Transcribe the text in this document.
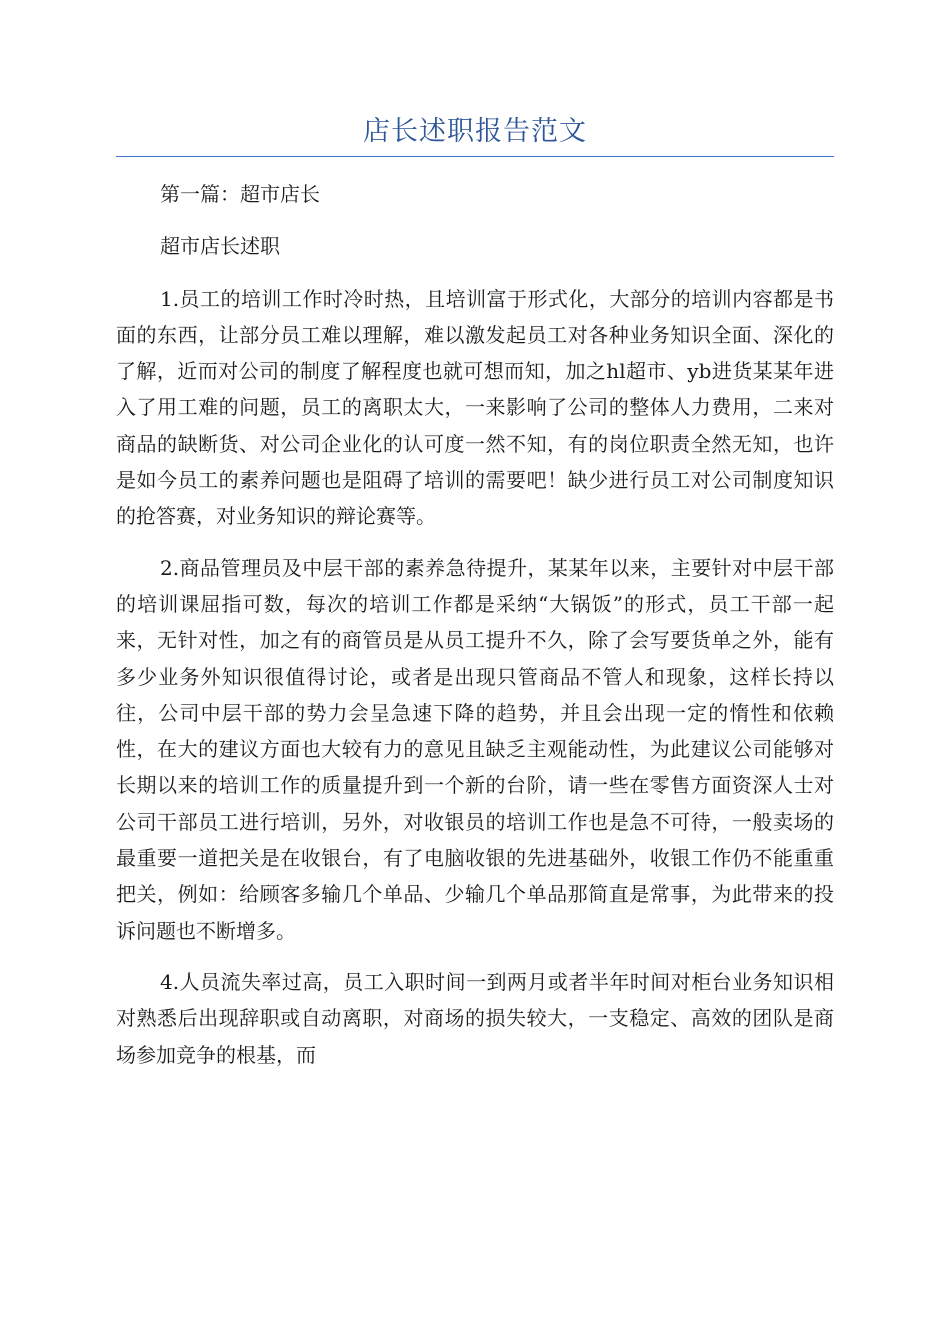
店长述职报告范文

第一篇：超市店长

超市店长述职

1.员工的培训工作时冷时热，且培训富于形式化，大部分的培训内容都是书面的东西，让部分员工难以理解，难以激发起员工对各种业务知识全面、深化的了解，近而对公司的制度了解程度也就可想而知，加之hl超市、yb进货某某年进入了用工难的问题，员工的离职太大，一来影响了公司的整体人力费用，二来对商品的缺断货、对公司企业化的认可度一然不知，有的岗位职责全然无知，也许是如今员工的素养问题也是阻碍了培训的需要吧！缺少进行员工对公司制度知识的抢答赛，对业务知识的辩论赛等。

2.商品管理员及中层干部的素养急待提升，某某年以来，主要针对中层干部的培训课屈指可数，每次的培训工作都是采纳“大锅饭”的形式，员工干部一起来，无针对性，加之有的商管员是从员工提升不久，除了会写要货单之外，能有多少业务外知识很值得讨论，或者是出现只管商品不管人和现象，这样长持以往，公司中层干部的势力会呈急速下降的趋势，并且会出现一定的惰性和依赖性，在大的建议方面也大较有力的意见且缺乏主观能动性，为此建议公司能够对长期以来的培训工作的质量提升到一个新的台阶，请一些在零售方面资深人士对公司干部员工进行培训，另外，对收银员的培训工作也是急不可待，一般卖场的最重要一道把关是在收银台，有了电脑收银的先进基础外，收银工作仍不能重重把关，例如：给顾客多输几个单品、少输几个单品那简直是常事，为此带来的投诉问题也不断增多。

4.人员流失率过高，员工入职时间一到两月或者半年时间对柜台业务知识相对熟悉后出现辞职或自动离职，对商场的损失较大，一支稳定、高效的团队是商场参加竞争的根基，而
